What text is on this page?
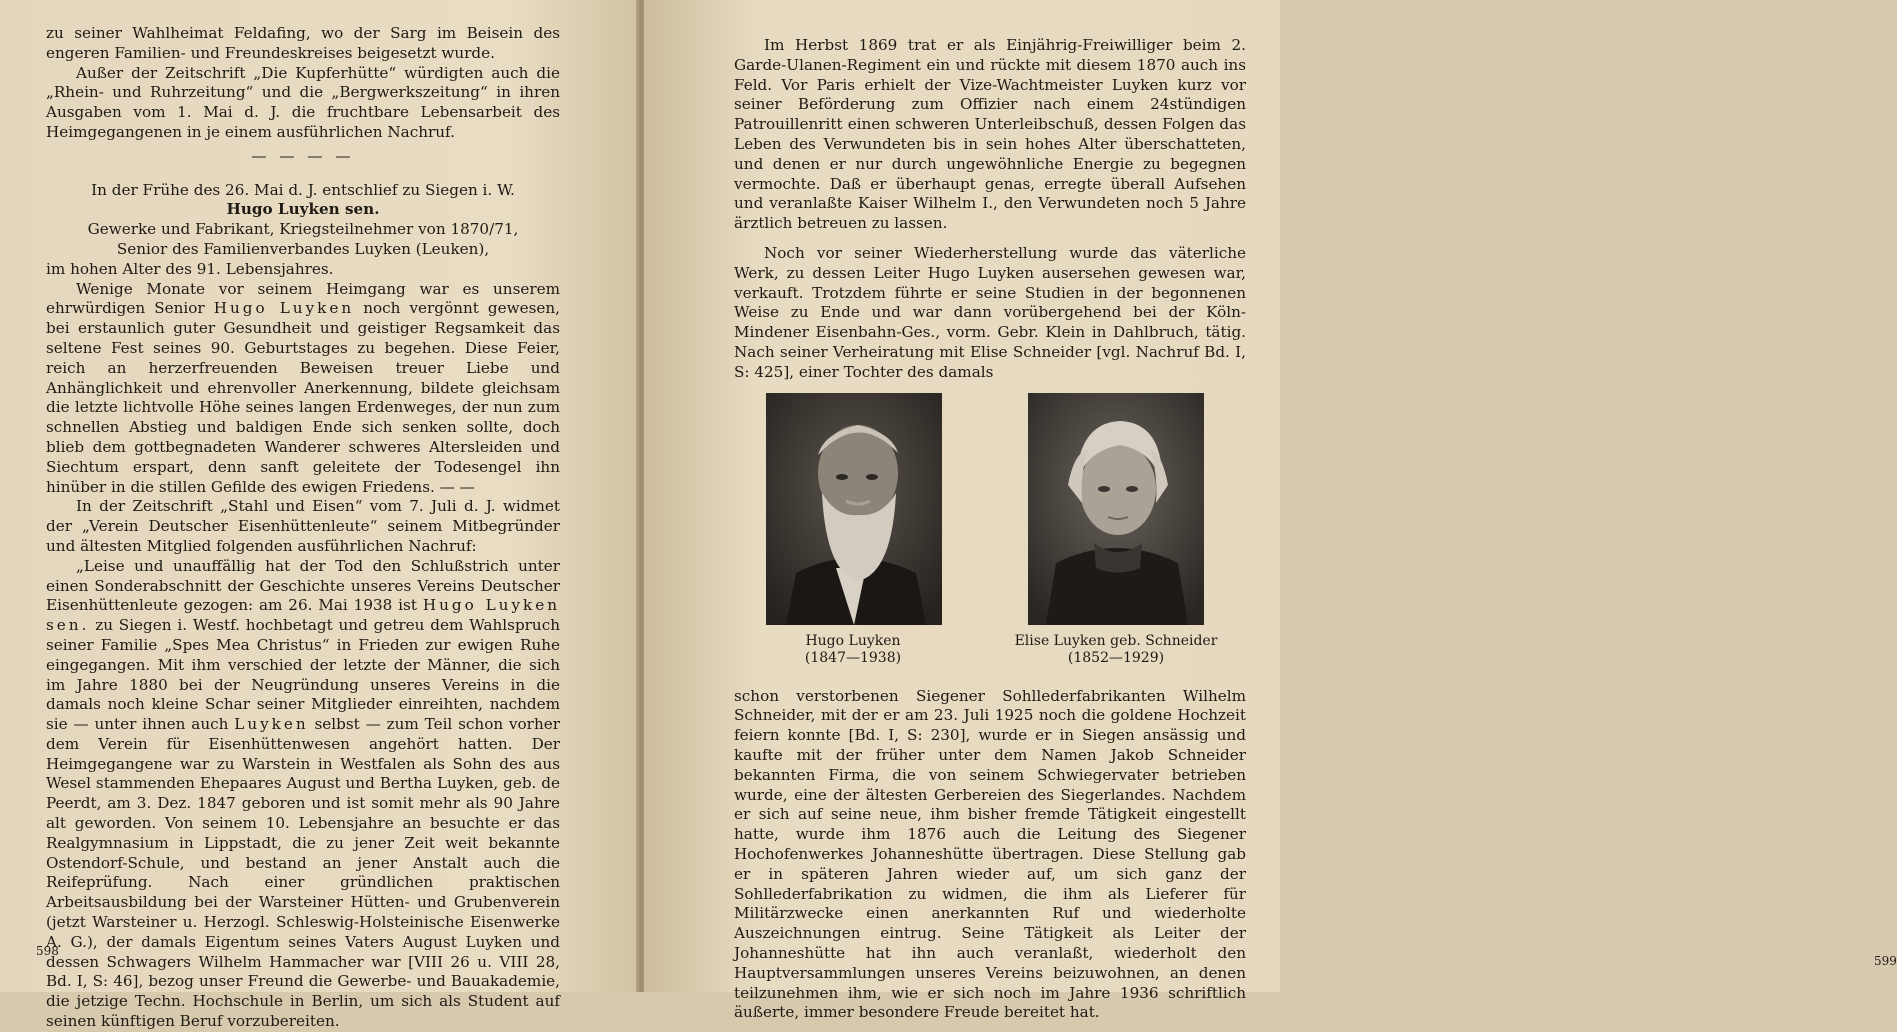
zu seiner Wahlheimat Feldafing, wo der Sarg im Beisein des engeren Familien- und Freundeskreises beigesetzt wurde.

Außer der Zeitschrift „Die Kupferhütte“ würdigten auch die „Rhein- und Ruhrzeitung“ und die „Bergwerkszeitung“ in ihren Ausgaben vom 1. Mai d. J. die fruchtbare Lebensarbeit des Heimgegangenen in je einem ausführlichen Nachruf.

— — — —

In der Frühe des 26. Mai d. J. entschlief zu Siegen i. W.

Hugo Luyken sen.

Gewerke und Fabrikant, Kriegsteilnehmer von 1870/71,

Senior des Familienverbandes Luyken (Leuken),

im hohen Alter des 91. Lebensjahres.

Wenige Monate vor seinem Heimgang war es unserem ehrwürdigen Senior Hugo Luyken noch vergönnt gewesen, bei erstaunlich guter Gesundheit und geistiger Regsamkeit das seltene Fest seines 90. Geburtstages zu begehen. Diese Feier, reich an herzerfreuenden Beweisen treuer Liebe und Anhänglichkeit und ehrenvoller Anerkennung, bildete gleichsam die letzte lichtvolle Höhe seines langen Erdenweges, der nun zum schnellen Abstieg und baldigen Ende sich senken sollte, doch blieb dem gottbegnadeten Wanderer schweres Altersleiden und Siechtum erspart, denn sanft geleitete der Todesengel ihn hinüber in die stillen Gefilde des ewigen Friedens. — —

In der Zeitschrift „Stahl und Eisen“ vom 7. Juli d. J. widmet der „Verein Deutscher Eisenhüttenleute“ seinem Mitbegründer und ältesten Mitglied folgenden ausführlichen Nachruf:

„Leise und unauffällig hat der Tod den Schlußstrich unter einen Sonderabschnitt der Geschichte unseres Vereins Deutscher Eisenhüttenleute gezogen: am 26. Mai 1938 ist Hugo Luyken sen. zu Siegen i. Westf. hochbetagt und getreu dem Wahlspruch seiner Familie „Spes Mea Christus“ in Frieden zur ewigen Ruhe eingegangen. Mit ihm verschied der letzte der Männer, die sich im Jahre 1880 bei der Neugründung unseres Vereins in die damals noch kleine Schar seiner Mitglieder einreihten, nachdem sie — unter ihnen auch Luyken selbst — zum Teil schon vorher dem Verein für Eisenhüttenwesen angehört hatten. Der Heimgegangene war zu Warstein in Westfalen als Sohn des aus Wesel stammenden Ehepaares August und Bertha Luyken, geb. de Peerdt, am 3. Dez. 1847 geboren und ist somit mehr als 90 Jahre alt geworden. Von seinem 10. Lebensjahre an besuchte er das Realgymnasium in Lippstadt, die zu jener Zeit weit bekannte Ostendorf-Schule, und bestand an jener Anstalt auch die Reifeprüfung. Nach einer gründlichen praktischen Arbeitsausbildung bei der Warsteiner Hütten- und Grubenverein (jetzt Warsteiner u. Herzogl. Schleswig-Holsteinische Eisenwerke A. G.), der damals Eigentum seines Vaters August Luyken und dessen Schwagers Wilhelm Hammacher war [VIII 26 u. VIII 28, Bd. I, S: 46], bezog unser Freund die Gewerbe- und Bauakademie, die jetzige Techn. Hochschule in Berlin, um sich als Student auf seinen künftigen Beruf vorzubereiten.

598

Im Herbst 1869 trat er als Einjährig-Freiwilliger beim 2. Garde-Ulanen-Regiment ein und rückte mit diesem 1870 auch ins Feld. Vor Paris erhielt der Vize-Wachtmeister Luyken kurz vor seiner Beförderung zum Offizier nach einem 24stündigen Patrouillenritt einen schweren Unterleibschuß, dessen Folgen das Leben des Verwundeten bis in sein hohes Alter überschatteten, und denen er nur durch ungewöhnliche Energie zu begegnen vermochte. Daß er überhaupt genas, erregte überall Aufsehen und veranlaßte Kaiser Wilhelm I., den Verwundeten noch 5 Jahre ärztlich betreuen zu lassen.

Noch vor seiner Wiederherstellung wurde das väterliche Werk, zu dessen Leiter Hugo Luyken ausersehen gewesen war, verkauft. Trotzdem führte er seine Studien in der begonnenen Weise zu Ende und war dann vorübergehend bei der Köln-Mindener Eisenbahn-Ges., vorm. Gebr. Klein in Dahlbruch, tätig. Nach seiner Verheiratung mit Elise Schneider [vgl. Nachruf Bd. I, S: 425], einer Tochter des damals

Hugo Luyken
(1847—1938)
Elise Luyken geb. Schneider
(1852—1929)

schon verstorbenen Siegener Sohllederfabrikanten Wilhelm Schneider, mit der er am 23. Juli 1925 noch die goldene Hochzeit feiern konnte [Bd. I, S: 230], wurde er in Siegen ansässig und kaufte mit der früher unter dem Namen Jakob Schneider bekannten Firma, die von seinem Schwiegervater betrieben wurde, eine der ältesten Gerbereien des Siegerlandes. Nachdem er sich auf seine neue, ihm bisher fremde Tätigkeit eingestellt hatte, wurde ihm 1876 auch die Leitung des Siegener Hochofenwerkes Johanneshütte übertragen. Diese Stellung gab er in späteren Jahren wieder auf, um sich ganz der Sohllederfabrikation zu widmen, die ihm als Lieferer für Militärzwecke einen anerkannten Ruf und wiederholte Auszeichnungen eintrug. Seine Tätigkeit als Leiter der Johanneshütte hat ihn auch veranlaßt, wiederholt den Hauptversammlungen unseres Vereins beizuwohnen, an denen teilzunehmen ihm, wie er sich noch im Jahre 1936 schriftlich äußerte, immer besondere Freude bereitet hat.

599
